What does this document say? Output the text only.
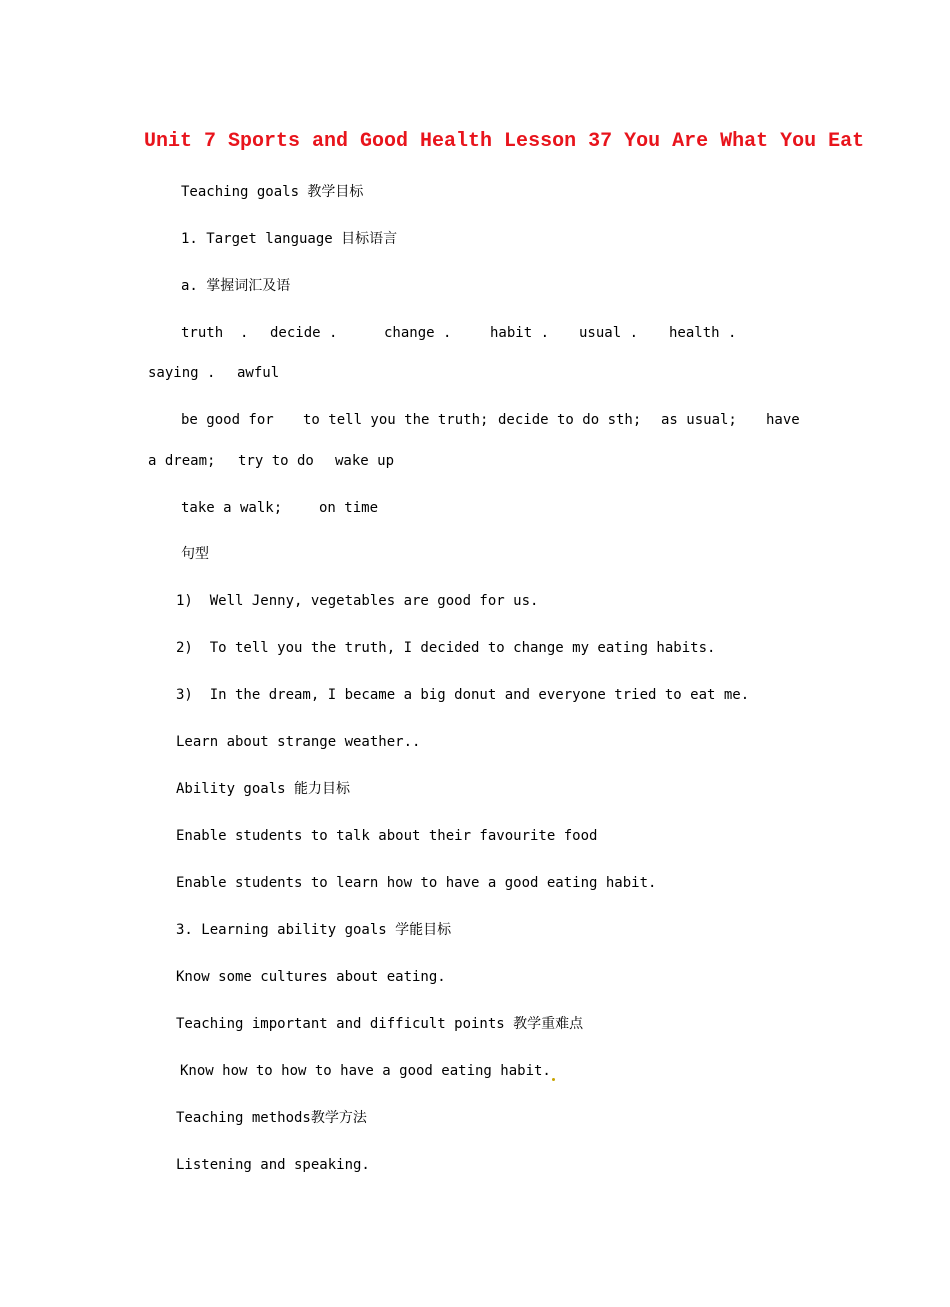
Unit 7 Sports and Good Health Lesson 37 You Are What You Eat
Teaching goals 教学目标
1. Target language 目标语言
a. 掌握词汇及语
truth  . decide .	change .	habit . usual . health .
saying . awful
be good for to tell you the truth; decide to do sth; as usual; have
a dream; try to do wake up
take a walk;	on time
句型
1)  Well Jenny, vegetables are good for us.
2)  To tell you the truth, I decided to change my eating habits.
3)  In the dream, I became a big donut and everyone tried to eat me.
Learn about strange weather..
Ability goals 能力目标
Enable students to talk about their favourite food
Enable students to learn how to have a good eating habit.
3. Learning ability goals 学能目标
Know some cultures about eating.
Teaching important and difficult points 教学重难点
Know how to how to have a good eating habit.
Teaching methods教学方法
Listening and speaking.
